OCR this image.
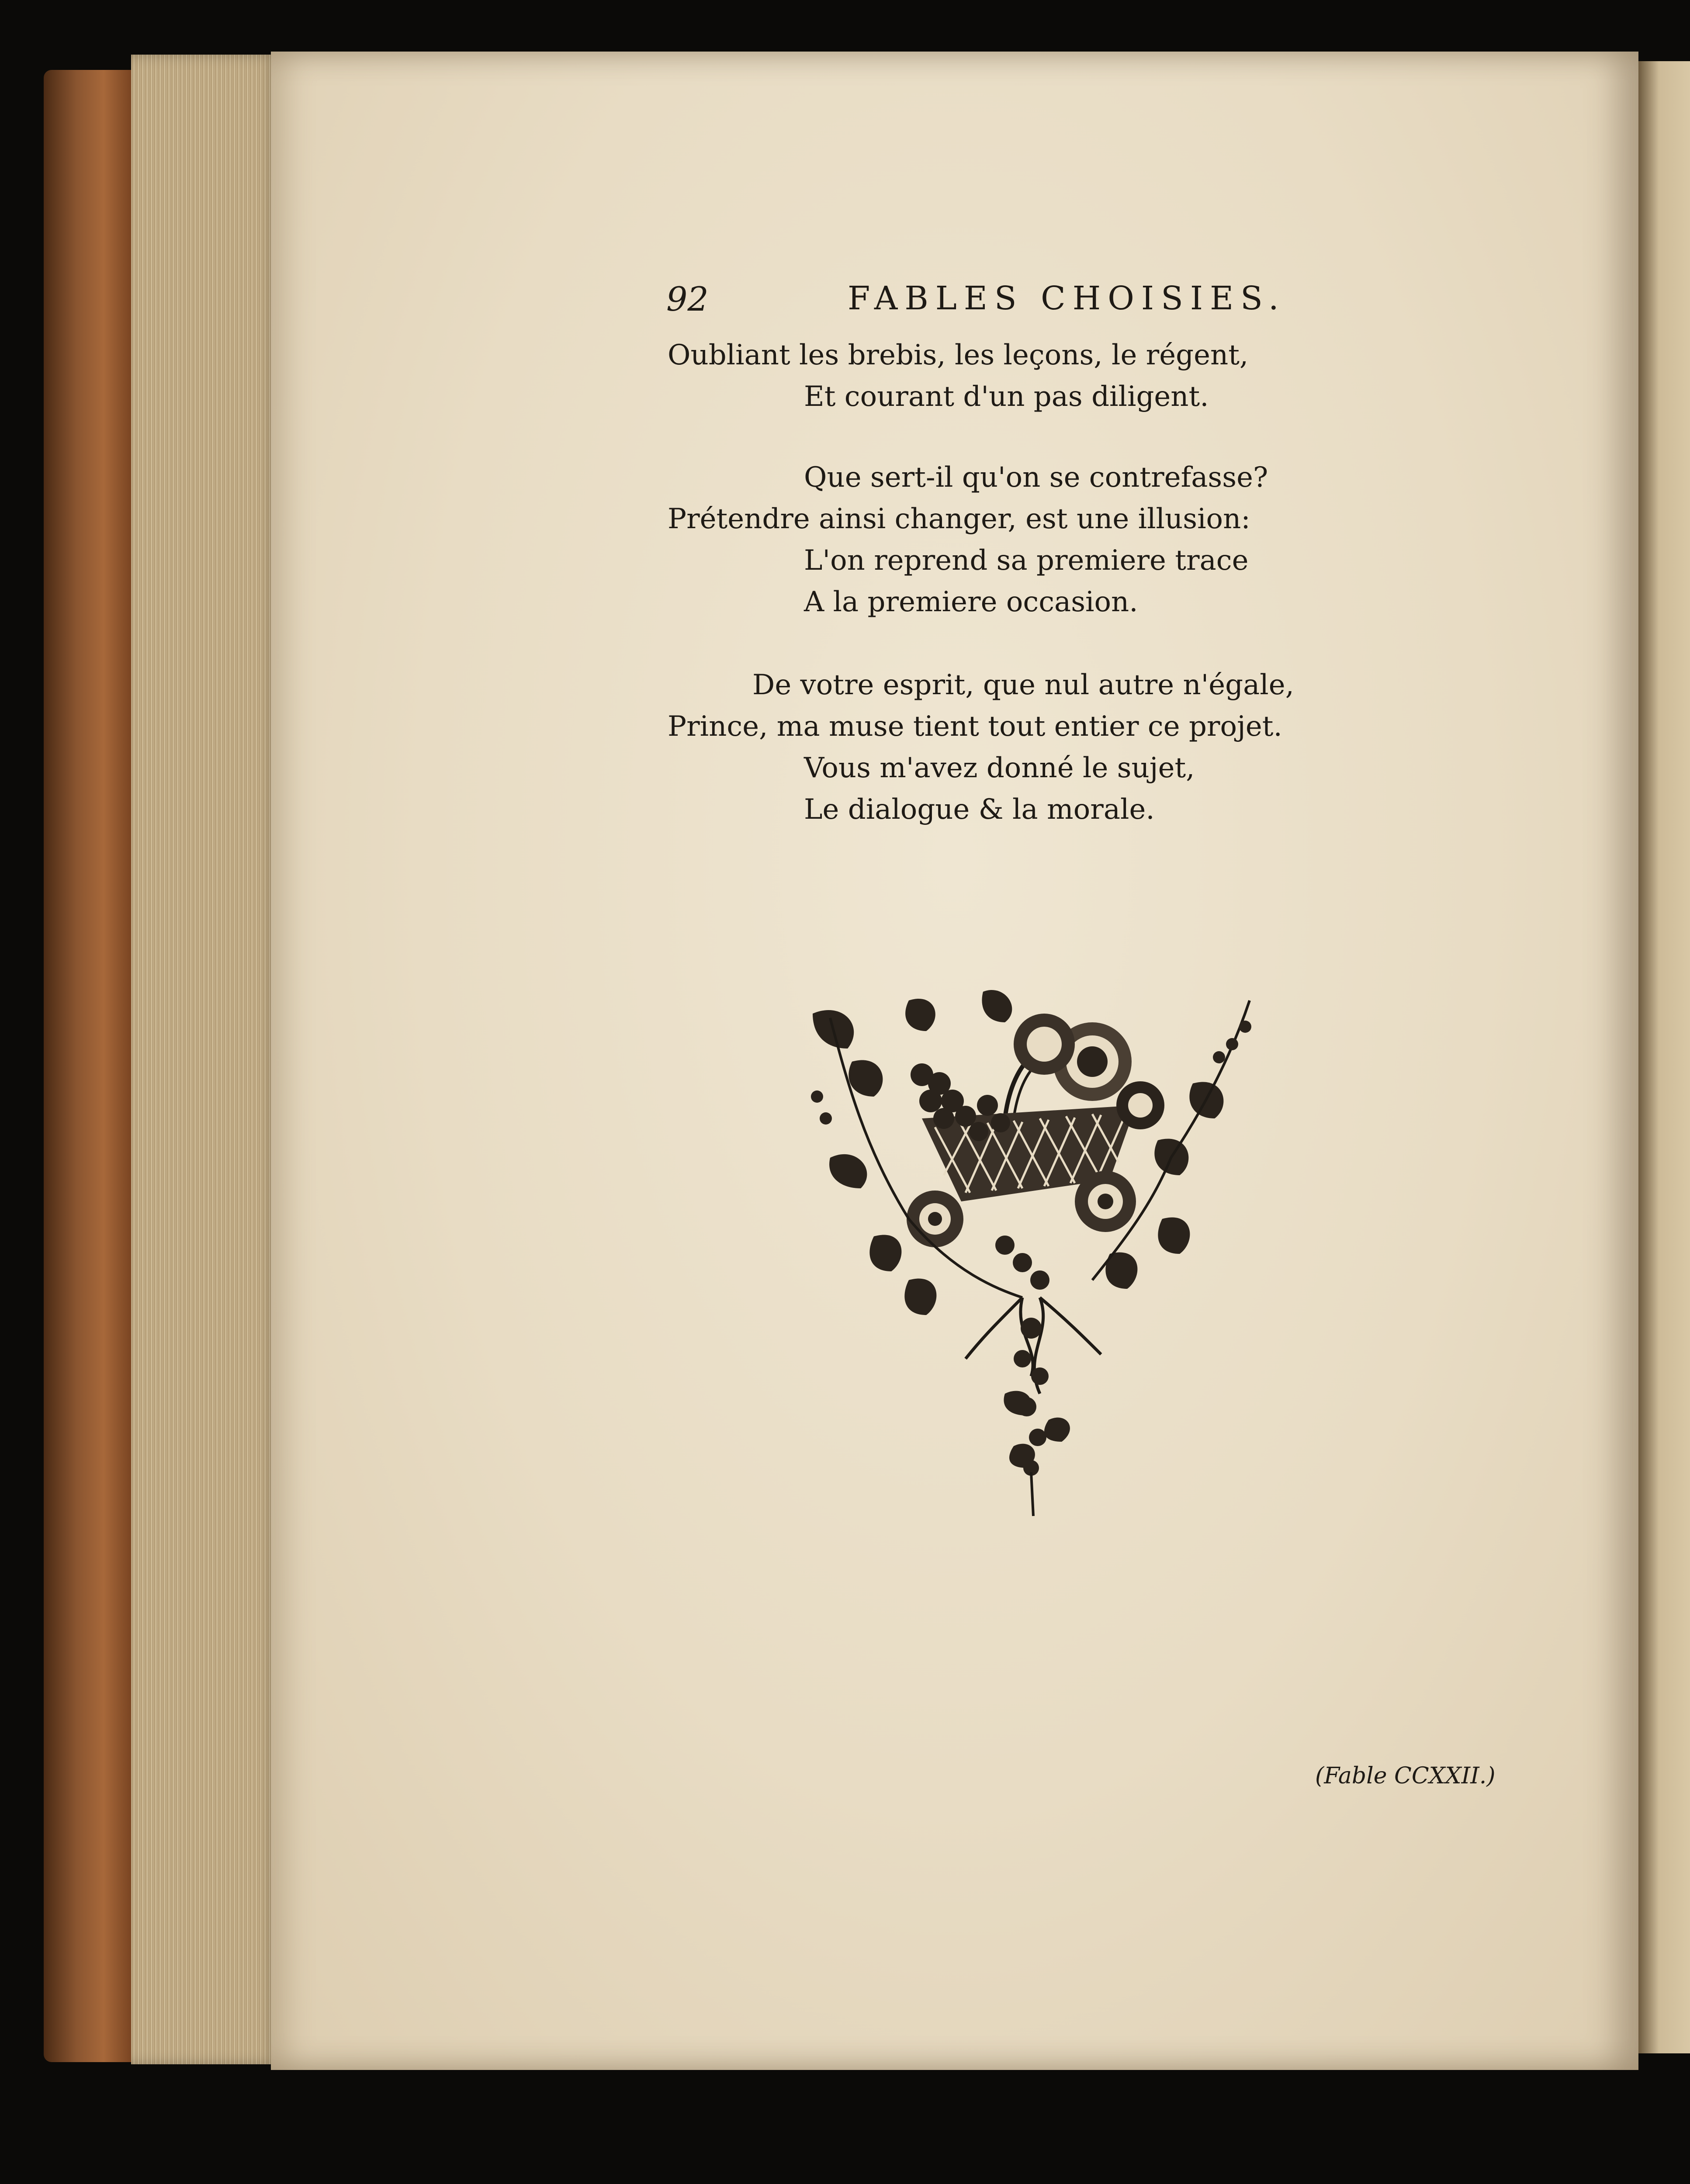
92	FABLES CHOISIES.
Oubliant les brebis, les leçons, le régent,
Et courant d'un pas diligent.
Que sert-il qu'on se contrefasse?
Prétendre ainsi changer, est une illusion:
L'on reprend sa premiere trace
A la premiere occasion.
De votre esprit, que nul autre n'égale,
Prince, ma muse tient tout entier ce projet.
Vous m'avez donné le sujet,
Le dialogue & la morale.
(Fable CCXXII.)
